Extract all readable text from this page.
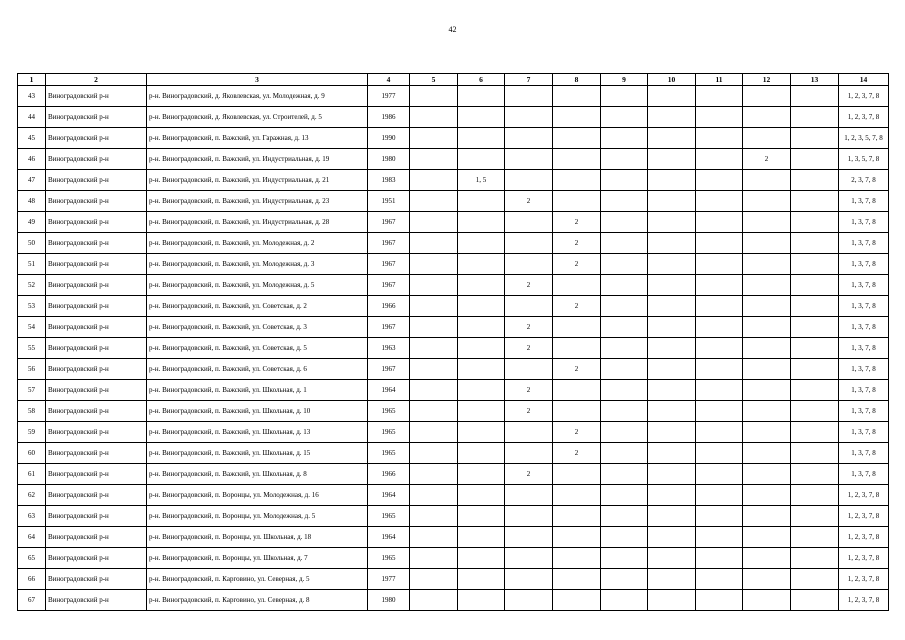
42
1	2	3	4	5	6	7	8	9	10	11	12	13	14
43	Виноградовский р-н	р-н. Виноградовский, д. Яковлевская, ул. Молодежная, д. 9	1977										1, 2, 3, 7, 8
44	Виноградовский р-н	р-н. Виноградовский, д. Яковлевская, ул. Строителей, д. 5	1986										1, 2, 3, 7, 8
45	Виноградовский р-н	р-н. Виноградовский, п. Важский, ул. Гаражная, д. 13	1990										1, 2, 3, 5, 7, 8
46	Виноградовский р-н	р-н. Виноградовский, п. Важский, ул. Индустриальная, д. 19	1980								2		1, 3, 5, 7, 8
47	Виноградовский р-н	р-н. Виноградовский, п. Важский, ул. Индустриальная, д. 21	1983		1, 5								2, 3, 7, 8
48	Виноградовский р-н	р-н. Виноградовский, п. Важский, ул. Индустриальная, д. 23	1951			2							1, 3, 7, 8
49	Виноградовский р-н	р-н. Виноградовский, п. Важский, ул. Индустриальная, д. 28	1967				2						1, 3, 7, 8
50	Виноградовский р-н	р-н. Виноградовский, п. Важский, ул. Молодежная, д. 2	1967				2						1, 3, 7, 8
51	Виноградовский р-н	р-н. Виноградовский, п. Важский, ул. Молодежная, д. 3	1967				2						1, 3, 7, 8
52	Виноградовский р-н	р-н. Виноградовский, п. Важский, ул. Молодежная, д. 5	1967			2							1, 3, 7, 8
53	Виноградовский р-н	р-н. Виноградовский, п. Важский, ул. Советская, д. 2	1966				2						1, 3, 7, 8
54	Виноградовский р-н	р-н. Виноградовский, п. Важский, ул. Советская, д. 3	1967			2							1, 3, 7, 8
55	Виноградовский р-н	р-н. Виноградовский, п. Важский, ул. Советская, д. 5	1963			2							1, 3, 7, 8
56	Виноградовский р-н	р-н. Виноградовский, п. Важский, ул. Советская, д. 6	1967				2						1, 3, 7, 8
57	Виноградовский р-н	р-н. Виноградовский, п. Важский, ул. Школьная, д. 1	1964			2							1, 3, 7, 8
58	Виноградовский р-н	р-н. Виноградовский, п. Важский, ул. Школьная, д. 10	1965			2							1, 3, 7, 8
59	Виноградовский р-н	р-н. Виноградовский, п. Важский, ул. Школьная, д. 13	1965				2						1, 3, 7, 8
60	Виноградовский р-н	р-н. Виноградовский, п. Важский, ул. Школьная, д. 15	1965				2						1, 3, 7, 8
61	Виноградовский р-н	р-н. Виноградовский, п. Важский, ул. Школьная, д. 8	1966			2							1, 3, 7, 8
62	Виноградовский р-н	р-н. Виноградовский, п. Воронцы, ул. Молодежная, д. 16	1964										1, 2, 3, 7, 8
63	Виноградовский р-н	р-н. Виноградовский, п. Воронцы, ул. Молодежная, д. 5	1965										1, 2, 3, 7, 8
64	Виноградовский р-н	р-н. Виноградовский, п. Воронцы, ул. Школьная, д. 18	1964										1, 2, 3, 7, 8
65	Виноградовский р-н	р-н. Виноградовский, п. Воронцы, ул. Школьная, д. 7	1965										1, 2, 3, 7, 8
66	Виноградовский р-н	р-н. Виноградовский, п. Карговино, ул. Северная, д. 5	1977										1, 2, 3, 7, 8
67	Виноградовский р-н	р-н. Виноградовский, п. Карговино, ул. Северная, д. 8	1980										1, 2, 3, 7, 8
